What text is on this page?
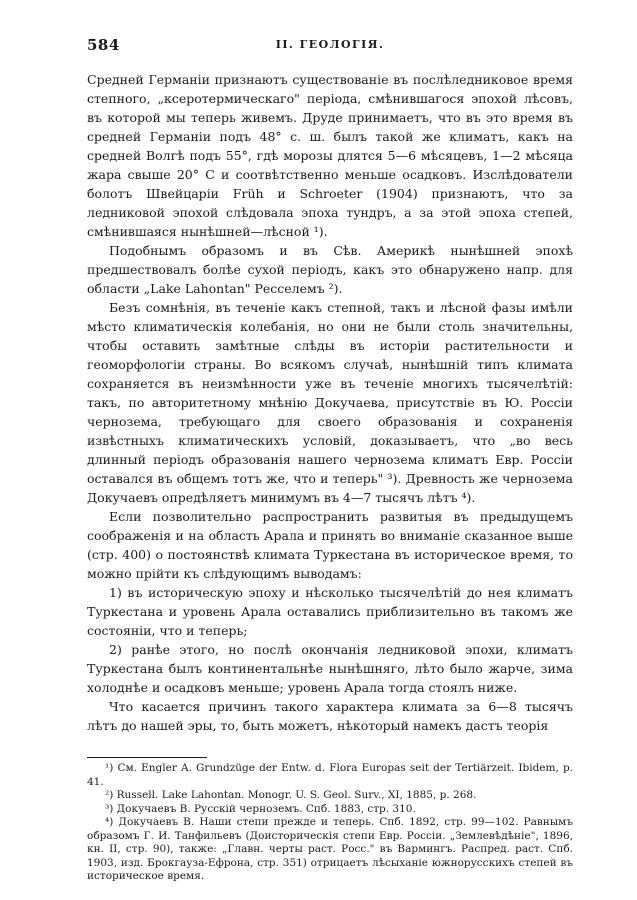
584	II. ГЕОЛОГІЯ.

Средней Германіи признаютъ существованіе въ послѣледниковое время степного, „ксеротермическаго" періода, смѣнившагося эпохой лѣсовъ, въ которой мы теперь живемъ. Друде принимаетъ, что въ это время въ средней Германіи подъ 48° с. ш. былъ такой же климатъ, какъ на средней Волгѣ подъ 55°, гдѣ морозы длятся 5—6 мѣсяцевъ, 1—2 мѣсяца жара свыше 20° С и соотвѣтственно меньше осадковъ. Изслѣдователи болотъ Швейцаріи Früh и Schroeter (1904) признаютъ, что за ледниковой эпохой слѣдовала эпоха тундръ, а за этой эпоха степей, смѣнившаяся нынѣшней—лѣсной ¹).

Подобнымъ образомъ и въ Сѣв. Америкѣ нынѣшней эпохѣ предшествовалъ болѣе сухой періодъ, какъ это обнаружено напр. для области „Lake Lahontan" Ресселемъ ²).

Безъ сомнѣнія, въ теченіе какъ степной, такъ и лѣсной фазы имѣли мѣсто климатическія колебанія, но они не были столь значительны, чтобы оставить замѣтные слѣды въ исторіи растительности и геоморфологіи страны. Во всякомъ случаѣ, нынѣшній типъ климата сохраняется въ неизмѣнности уже въ теченіе многихъ тысячелѣтій: такъ, по авторитетному мнѣнію Докучаева, присутствіе въ Ю. Россіи чернозема, требующаго для своего образованія и сохраненія извѣстныхъ климатическихъ условій, доказываетъ, что „во весь длинный періодъ образованія нашего чернозема климатъ Евр. Россіи оставался въ общемъ тотъ же, что и теперь" ³). Древность же чернозема Докучаевъ опредѣляетъ минимумъ въ 4—7 тысячъ лѣтъ ⁴).

Если позволительно распространить развитыя въ предыдущемъ соображенія и на область Арала и принять во вниманіе сказанное выше (стр. 400) о постоянствѣ климата Туркестана въ историческое время, то можно прійти къ слѣдующимъ выводамъ:

1) въ историческую эпоху и нѣсколько тысячелѣтій до нея климатъ Туркестана и уровень Арала оставались приблизительно въ такомъ же состояніи, что и теперь;

2) ранѣе этого, но послѣ окончанія ледниковой эпохи, климатъ Туркестана былъ континентальнѣе нынѣшняго, лѣто было жарче, зима холоднѣе и осадковъ меньше; уровень Арала тогда стоялъ ниже.

Что касается причинъ такого характера климата за 6—8 тысячъ лѣтъ до нашей эры, то, быть можетъ, нѣкоторый намекъ дастъ теорія

¹) См. Engler A. Grundzüge der Entw. d. Flora Europas seit der Tertiärzeit. Ibidem, p. 41.

²) Russell. Lake Lahontan. Monogr. U. S. Geol. Surv., XI, 1885, p. 268.

³) Докучаевъ В. Русскій черноземъ. Спб. 1883, стр. 310.

⁴) Докучаевъ В. Наши степи прежде и теперь. Спб. 1892, стр. 99—102. Равнымъ образомъ Г. И. Танфильевъ (Доисторическія степи Евр. Россіи. „Землевѣдѣніе", 1896, кн. II, стр. 90), также: „Главн. черты раст. Росс." въ Вармингъ. Распред. раст. Спб. 1903, изд. Брокгауза-Ефрона, стр. 351) отрицаетъ лѣсыханіе южнорусскихъ степей въ историческое время.
